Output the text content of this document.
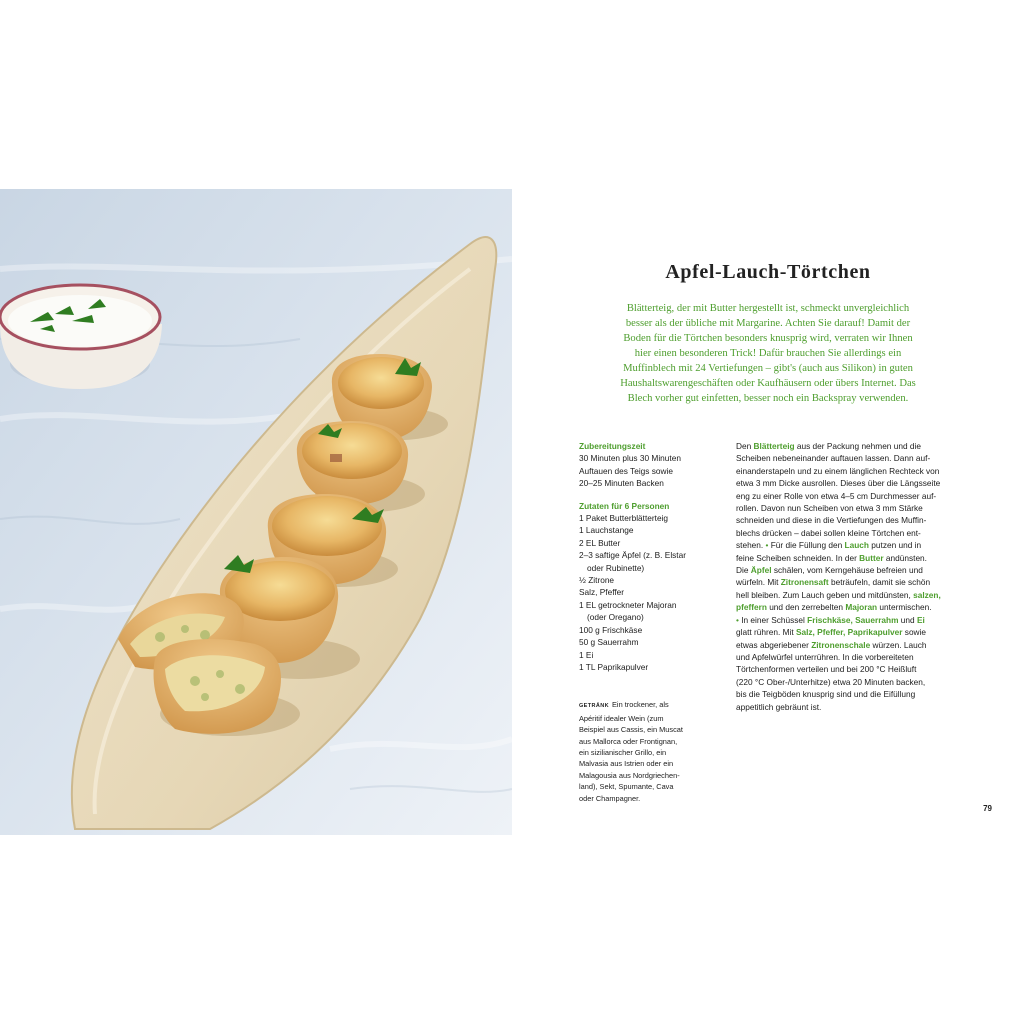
Apfel-Lauch-Törtchen

Blätterteig, der mit Butter hergestellt ist, schmeckt unvergleichlich
besser als der übliche mit Margarine. Achten Sie darauf! Damit der
Boden für die Törtchen besonders knusprig wird, verraten wir Ihnen
hier einen besonderen Trick! Dafür brauchen Sie allerdings ein
Muffinblech mit 24 Vertiefungen – gibt's (auch aus Silikon) in guten
Haushaltswarengeschäften oder Kaufhäusern oder übers Internet. Das
Blech vorher gut einfetten, besser noch ein Backspray verwenden.

Zubereitungszeit
30 Minuten plus 30 Minuten
Auftauen des Teigs sowie
20–25 Minuten Backen
Zutaten für 6 Personen
1 Paket Butterblätterteig
1 Lauchstange
2 EL Butter
2–3 saftige Äpfel (z. B. Elstar
oder Rubinette)
½ Zitrone
Salz, Pfeffer
1 EL getrockneter Majoran
(oder Oregano)
100 g Frischkäse
50 g Sauerrahm
1 Ei
1 TL Paprikapulver
GETRÄNK Ein trockener, als
Apéritif idealer Wein (zum
Beispiel aus Cassis, ein Muscat
aus Mallorca oder Frontignan,
ein sizilianischer Grillo, ein
Malvasia aus Istrien oder ein
Malagousia aus Nordgriechen-
land), Sekt, Spumante, Cava
oder Champagner.
Den Blätterteig aus der Packung nehmen und die
Scheiben nebeneinander auftauen lassen. Dann auf-
einanderstapeln und zu einem länglichen Rechteck von
etwa 3 mm Dicke ausrollen. Dieses über die Längsseite
eng zu einer Rolle von etwa 4–5 cm Durchmesser auf-
rollen. Davon nun Scheiben von etwa 3 mm Stärke
schneiden und diese in die Vertiefungen des Muffin-
blechs drücken – dabei sollen kleine Törtchen ent-
stehen. • Für die Füllung den Lauch putzen und in
feine Scheiben schneiden. In der Butter andünsten.
Die Äpfel schälen, vom Kerngehäuse befreien und
würfeln. Mit Zitronensaft beträufeln, damit sie schön
hell bleiben. Zum Lauch geben und mitdünsten, salzen,
pfeffern und den zerrebelten Majoran untermischen.
• In einer Schüssel Frischkäse, Sauerrahm und Ei
glatt rühren. Mit Salz, Pfeffer, Paprikapulver sowie
etwas abgeriebener Zitronenschale würzen. Lauch
und Apfelwürfel unterrühren. In die vorbereiteten
Törtchenformen verteilen und bei 200 °C Heißluft
(220 °C Ober-/Unterhitze) etwa 20 Minuten backen,
bis die Teigböden knusprig sind und die Eifüllung
appetitlich gebräunt ist.
79
